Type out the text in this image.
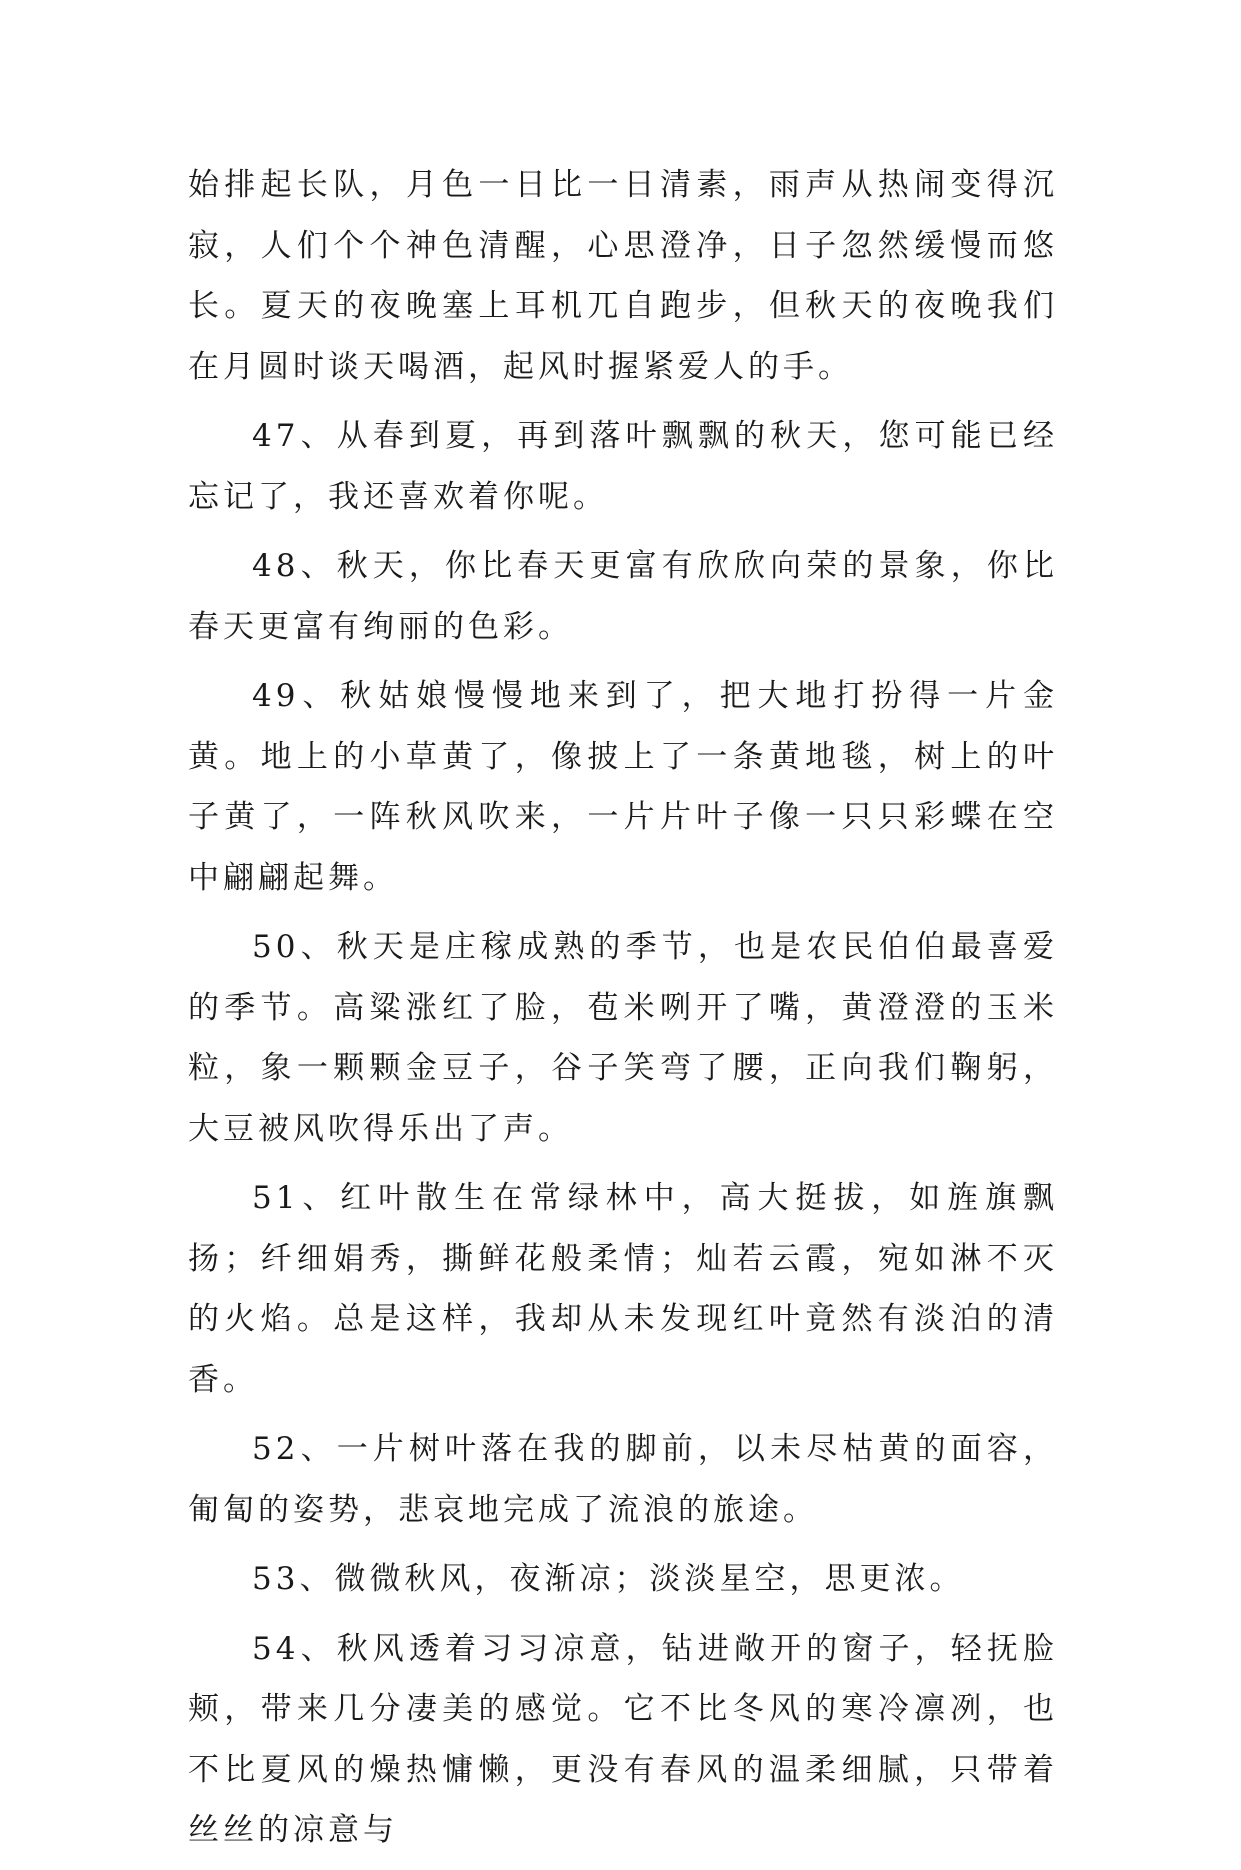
始排起长队，月色一日比一日清素，雨声从热闹变得沉寂，人们个个神色清醒，心思澄净，日子忽然缓慢而悠长。夏天的夜晚塞上耳机兀自跑步，但秋天的夜晚我们在月圆时谈天喝酒，起风时握紧爱人的手。

47、从春到夏，再到落叶飘飘的秋天，您可能已经忘记了，我还喜欢着你呢。

48、秋天，你比春天更富有欣欣向荣的景象，你比春天更富有绚丽的色彩。

49、秋姑娘慢慢地来到了，把大地打扮得一片金黄。地上的小草黄了，像披上了一条黄地毯，树上的叶子黄了，一阵秋风吹来，一片片叶子像一只只彩蝶在空中翩翩起舞。

50、秋天是庄稼成熟的季节，也是农民伯伯最喜爱的季节。高粱涨红了脸，苞米咧开了嘴，黄澄澄的玉米粒，象一颗颗金豆子，谷子笑弯了腰，正向我们鞠躬，大豆被风吹得乐出了声。

51、红叶散生在常绿林中，高大挺拔，如旌旗飘扬；纤细娟秀，撕鲜花般柔情；灿若云霞，宛如淋不灭的火焰。总是这样，我却从未发现红叶竟然有淡泊的清香。

52、一片树叶落在我的脚前，以未尽枯黄的面容，匍匐的姿势，悲哀地完成了流浪的旅途。

53、微微秋风，夜渐凉；淡淡星空，思更浓。

54、秋风透着习习凉意，钻进敞开的窗子，轻抚脸颊，带来几分凄美的感觉。它不比冬风的寒冷凛冽，也不比夏风的燥热慵懒，更没有春风的温柔细腻，只带着丝丝的凉意与
